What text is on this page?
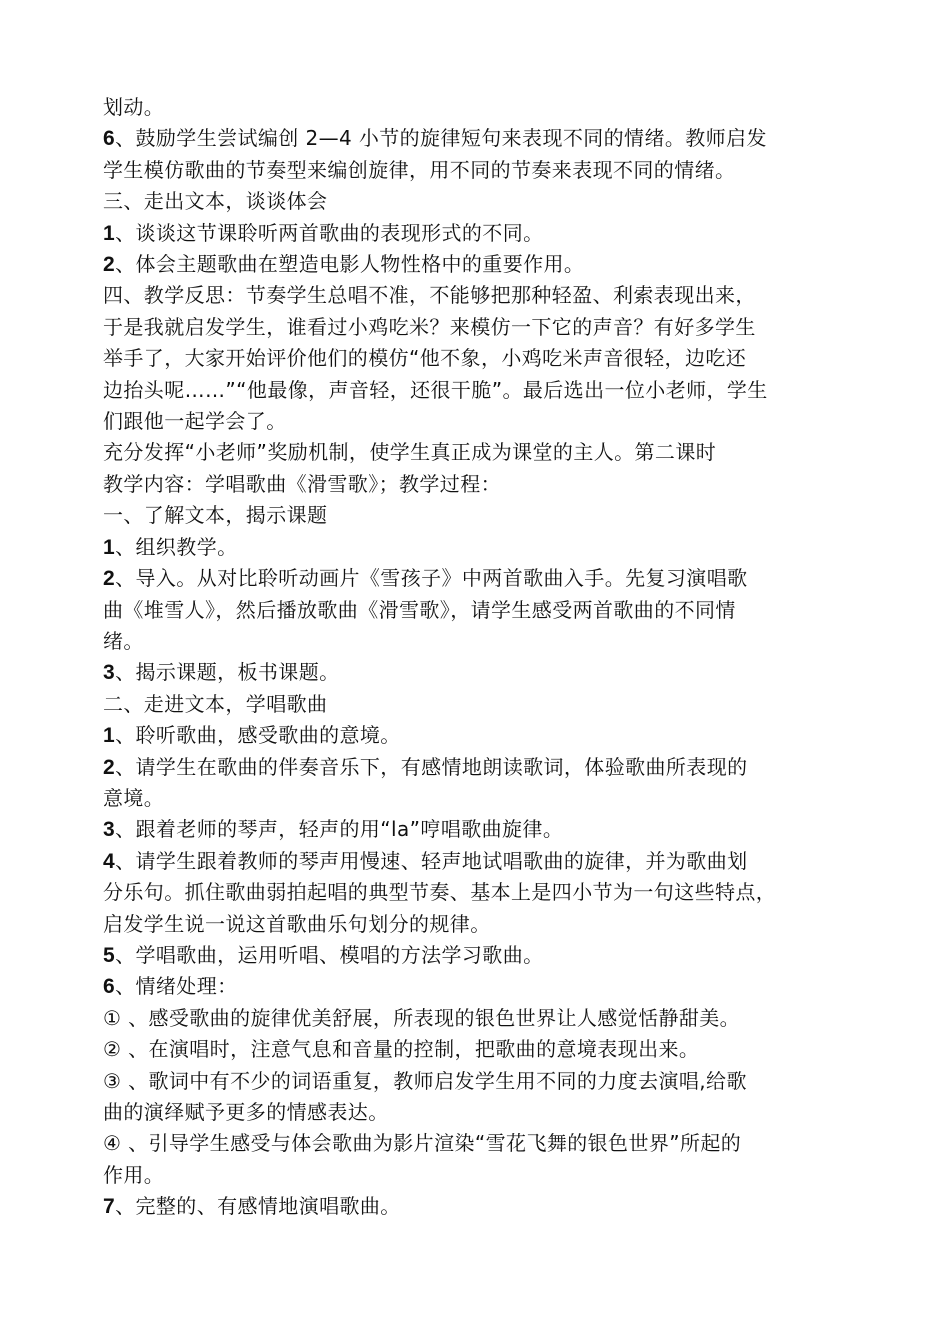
划动。
6、鼓励学生尝试编创 2—4 小节的旋律短句来表现不同的情绪。教师启发
学生模仿歌曲的节奏型来编创旋律，用不同的节奏来表现不同的情绪。
三、走出文本，谈谈体会
1、谈谈这节课聆听两首歌曲的表现形式的不同。
2、体会主题歌曲在塑造电影人物性格中的重要作用。
四、教学反思：节奏学生总唱不准，不能够把那种轻盈、利索表现出来，
于是我就启发学生，谁看过小鸡吃米？来模仿一下它的声音？有好多学生
举手了，大家开始评价他们的模仿“他不象，小鸡吃米声音很轻，边吃还
边抬头呢……”“他最像，声音轻，还很干脆”。最后选出一位小老师，学生
们跟他一起学会了。
充分发挥“小老师”奖励机制，使学生真正成为课堂的主人。第二课时
教学内容：学唱歌曲《滑雪歌》；教学过程：
一、了解文本，揭示课题
1、组织教学。
2、导入。从对比聆听动画片《雪孩子》中两首歌曲入手。先复习演唱歌
曲《堆雪人》，然后播放歌曲《滑雪歌》，请学生感受两首歌曲的不同情
绪。
3、揭示课题，板书课题。
二、走进文本，学唱歌曲
1、聆听歌曲，感受歌曲的意境。
2、请学生在歌曲的伴奏音乐下，有感情地朗读歌词，体验歌曲所表现的
意境。
3、跟着老师的琴声，轻声的用“la”哼唱歌曲旋律。
4、请学生跟着教师的琴声用慢速、轻声地试唱歌曲的旋律，并为歌曲划
分乐句。抓住歌曲弱拍起唱的典型节奏、基本上是四小节为一句这些特点，
启发学生说一说这首歌曲乐句划分的规律。
5、学唱歌曲，运用听唱、模唱的方法学习歌曲。
6、情绪处理：
① 、感受歌曲的旋律优美舒展，所表现的银色世界让人感觉恬静甜美。
② 、在演唱时，注意气息和音量的控制，把歌曲的意境表现出来。
③ 、歌词中有不少的词语重复，教师启发学生用不同的力度去演唱,给歌
曲的演绎赋予更多的情感表达。
④ 、引导学生感受与体会歌曲为影片渲染“雪花飞舞的银色世界”所起的
作用。
7、完整的、有感情地演唱歌曲。
